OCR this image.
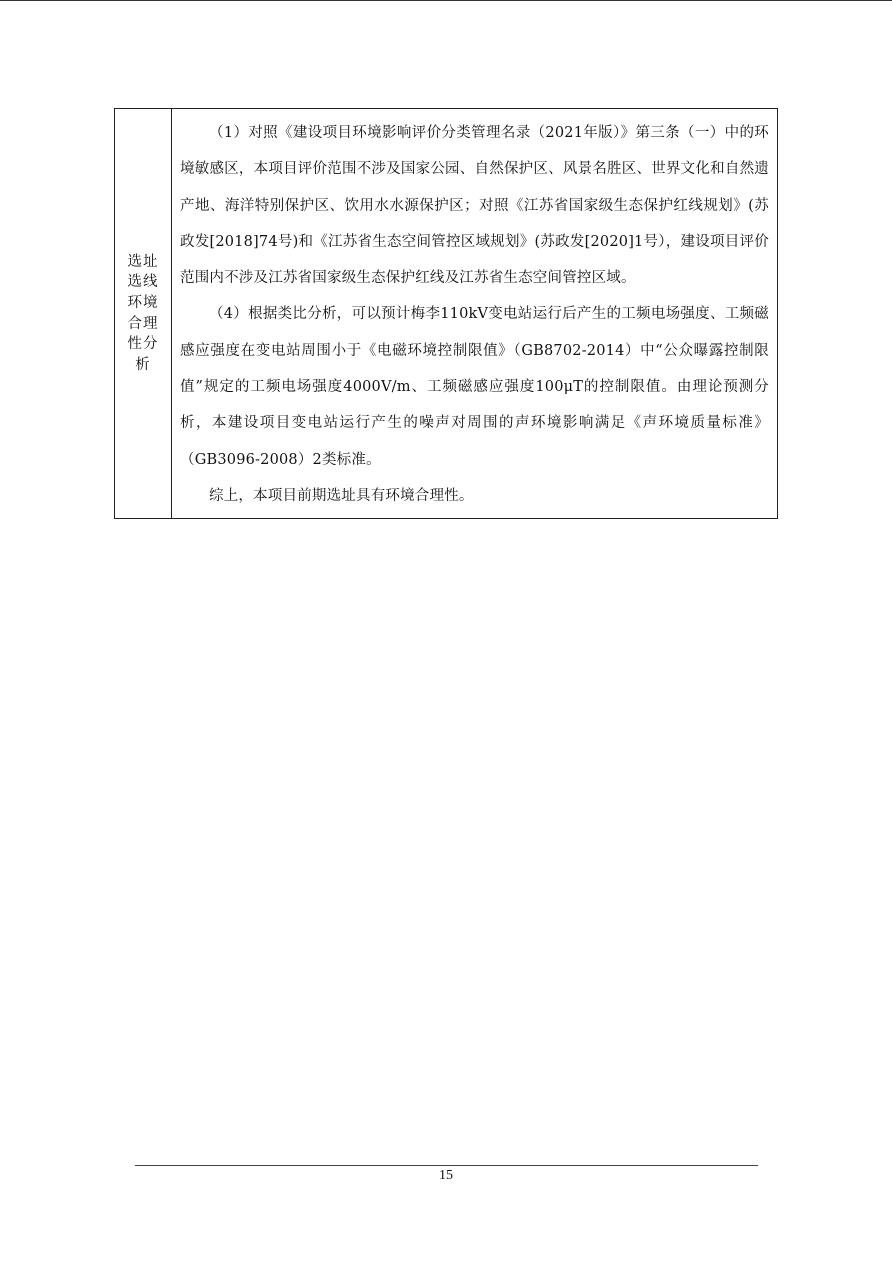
选址
选线
环境
合理
性分
析

（1）对照《建设项目环境影响评价分类管理名录（2021年版）》第三条（一）中的环境敏感区，本项目评价范围不涉及国家公园、自然保护区、风景名胜区、世界文化和自然遗产地、海洋特别保护区、饮用水水源保护区；对照《江苏省国家级生态保护红线规划》(苏政发[2018]74号)和《江苏省生态空间管控区域规划》(苏政发[2020]1号），建设项目评价范围内不涉及江苏省国家级生态保护红线及江苏省生态空间管控区域。

（4）根据类比分析，可以预计梅李110kV变电站运行后产生的工频电场强度、工频磁感应强度在变电站周围小于《电磁环境控制限值》（GB8702-2014）中“公众曝露控制限值”规定的工频电场强度4000V/m、工频磁感应强度100μT的控制限值。由理论预测分析，本建设项目变电站运行产生的噪声对周围的声环境影响满足《声环境质量标准》（GB3096-2008）2类标准。

综上，本项目前期选址具有环境合理性。

15
